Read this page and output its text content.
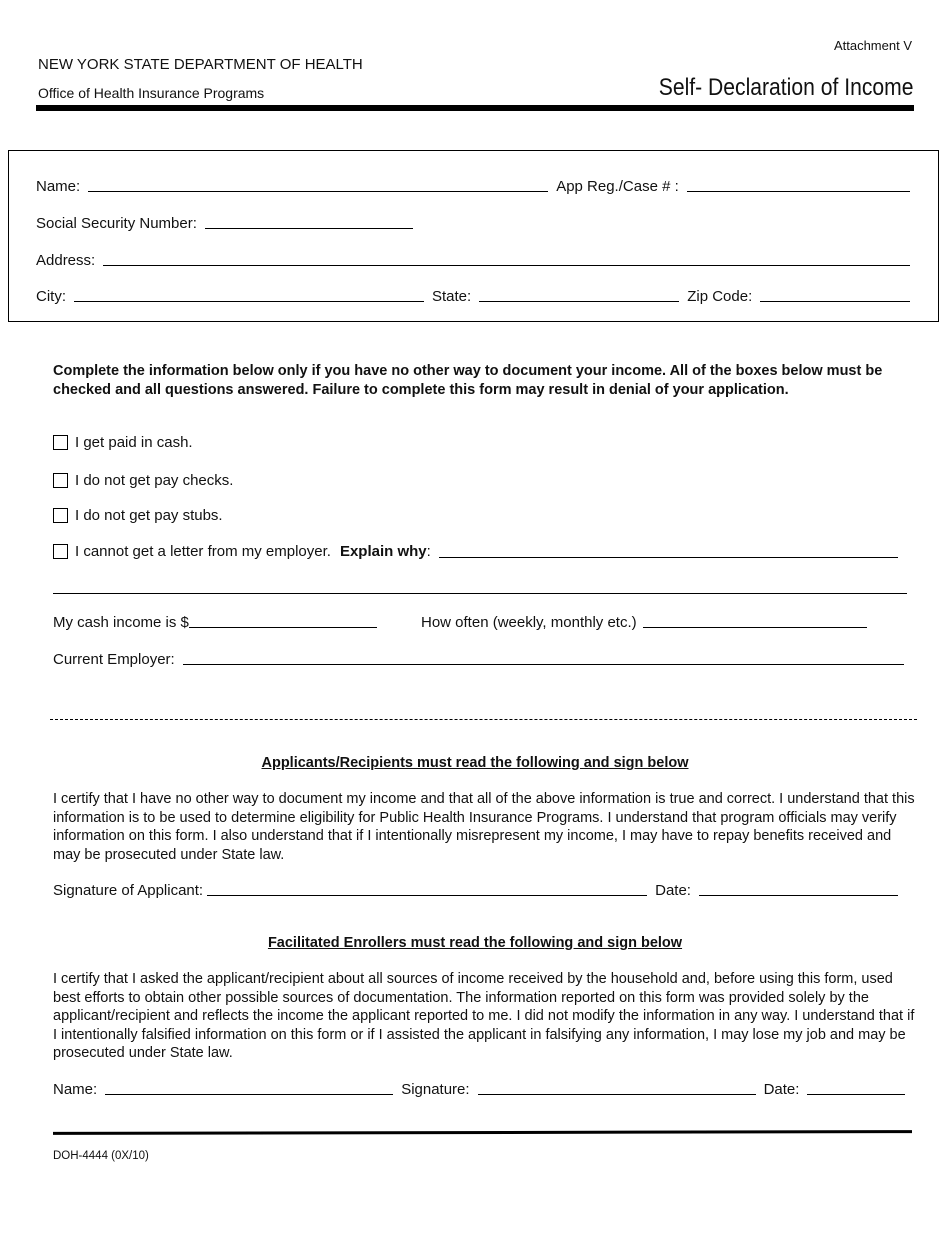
NEW YORK STATE DEPARTMENT OF HEALTH
Office of Health Insurance Programs
Attachment V
Self- Declaration of Income
Name:	App Reg./Case # :
Social Security Number:
Address:
City:	State:	Zip Code:
Complete the information below only if you have no other way to document your income. All of the boxes below must be checked and all questions answered. Failure to complete this form may result in denial of your application.
I get paid in cash.
I do not get pay checks.
I do not get pay stubs.
I cannot get a letter from my employer. Explain why :
My cash income is $	How often (weekly, monthly etc.)
Current Employer:
Applicants/Recipients must read the following and sign below
I certify that I have no other way to document my income and that all of the above information is true and correct. I understand that this information is to be used to determine eligibility for Public Health Insurance Programs. I understand that program officials may verify information on this form. I also understand that if I intentionally misrepresent my income, I may have to repay benefits received and may be prosecuted under State law.
Signature of Applicant:	Date:
Facilitated Enrollers must read the following and sign below
I certify that I asked the applicant/recipient about all sources of income received by the household and, before using this form, used best efforts to obtain other possible sources of documentation. The information reported on this form was provided solely by the applicant/recipient and reflects the income the applicant reported to me. I did not modify the information in any way. I understand that if I intentionally falsified information on this form or if I assisted the applicant in falsifying any information, I may lose my job and may be prosecuted under State law.
Name:	Signature:	Date:
DOH-4444 (0X/10)
